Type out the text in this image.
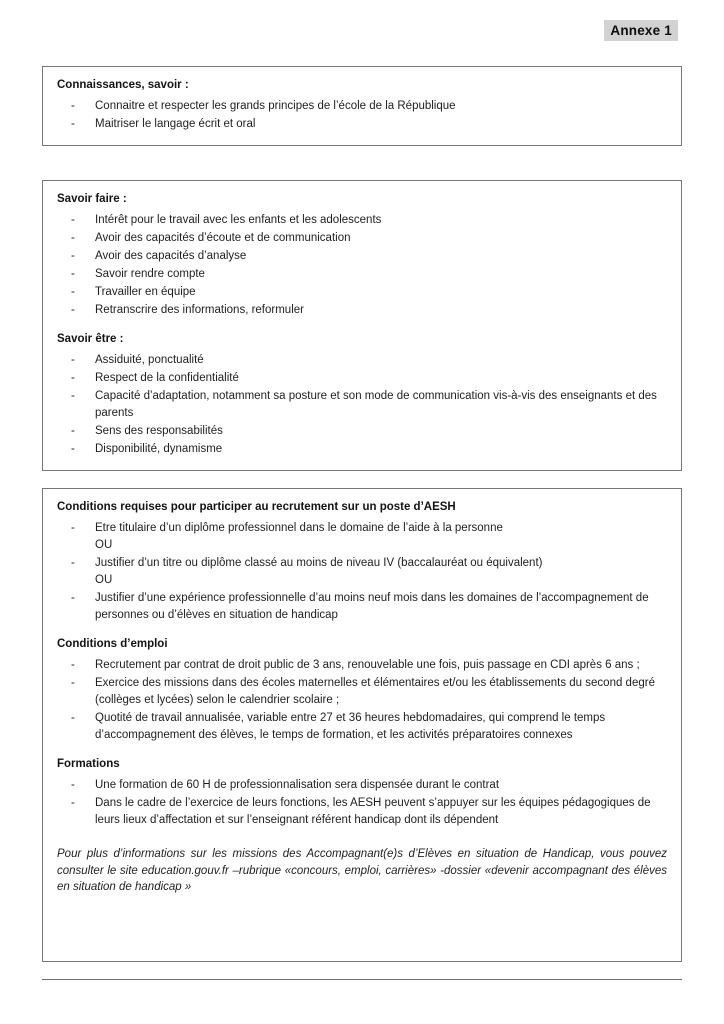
Annexe 1
Connaissances, savoir :
-	Connaitre et respecter les grands principes de l’école de la République
-	Maitriser le langage écrit et oral
Savoir faire :
-	Intérêt pour le travail avec les enfants et les adolescents
-	Avoir des capacités d’écoute et de communication
-	Avoir des capacités d’analyse
-	Savoir rendre compte
-	Travailler en équipe
-	Retranscrire des informations, reformuler
Savoir être :
-	Assiduité, ponctualité
-	Respect de la confidentialité
-	Capacité d’adaptation, notamment sa posture et son mode de communication vis-à-vis des enseignants et des parents
-	Sens des responsabilités
-	Disponibilité, dynamisme
Conditions requises pour participer au recrutement sur un poste d’AESH
-	Etre titulaire d’un diplôme professionnel dans le domaine de l’aide à la personne
OU
-	Justifier d’un titre ou diplôme classé au moins de niveau IV (baccalauréat ou équivalent)
OU
-	Justifier d’une expérience professionnelle d’au moins neuf mois dans les domaines de l’accompagnement de personnes ou d’élèves en situation de handicap
Conditions d’emploi
-	Recrutement par contrat de droit public de 3 ans, renouvelable une fois, puis passage en CDI après 6 ans ;
-	Exercice des missions dans des écoles maternelles et élémentaires et/ou les établissements du second degré (collèges et lycées) selon le calendrier scolaire ;
-	Quotité de travail annualisée, variable entre 27 et 36 heures hebdomadaires, qui comprend le temps d’accompagnement des élèves, le temps de formation, et les activités préparatoires connexes
Formations
-	Une formation de 60 H de professionnalisation sera dispensée durant le contrat
-	Dans le cadre de l’exercice de leurs fonctions, les AESH peuvent s’appuyer sur les équipes pédagogiques de leurs lieux d’affectation et sur l’enseignant référent handicap dont ils dépendent

Pour plus d’informations sur les missions des Accompagnant(e)s d’Elèves en situation de Handicap, vous pouvez consulter le site education.gouv.fr –rubrique «concours, emploi, carrières» -dossier «devenir accompagnant des élèves en situation de handicap »
